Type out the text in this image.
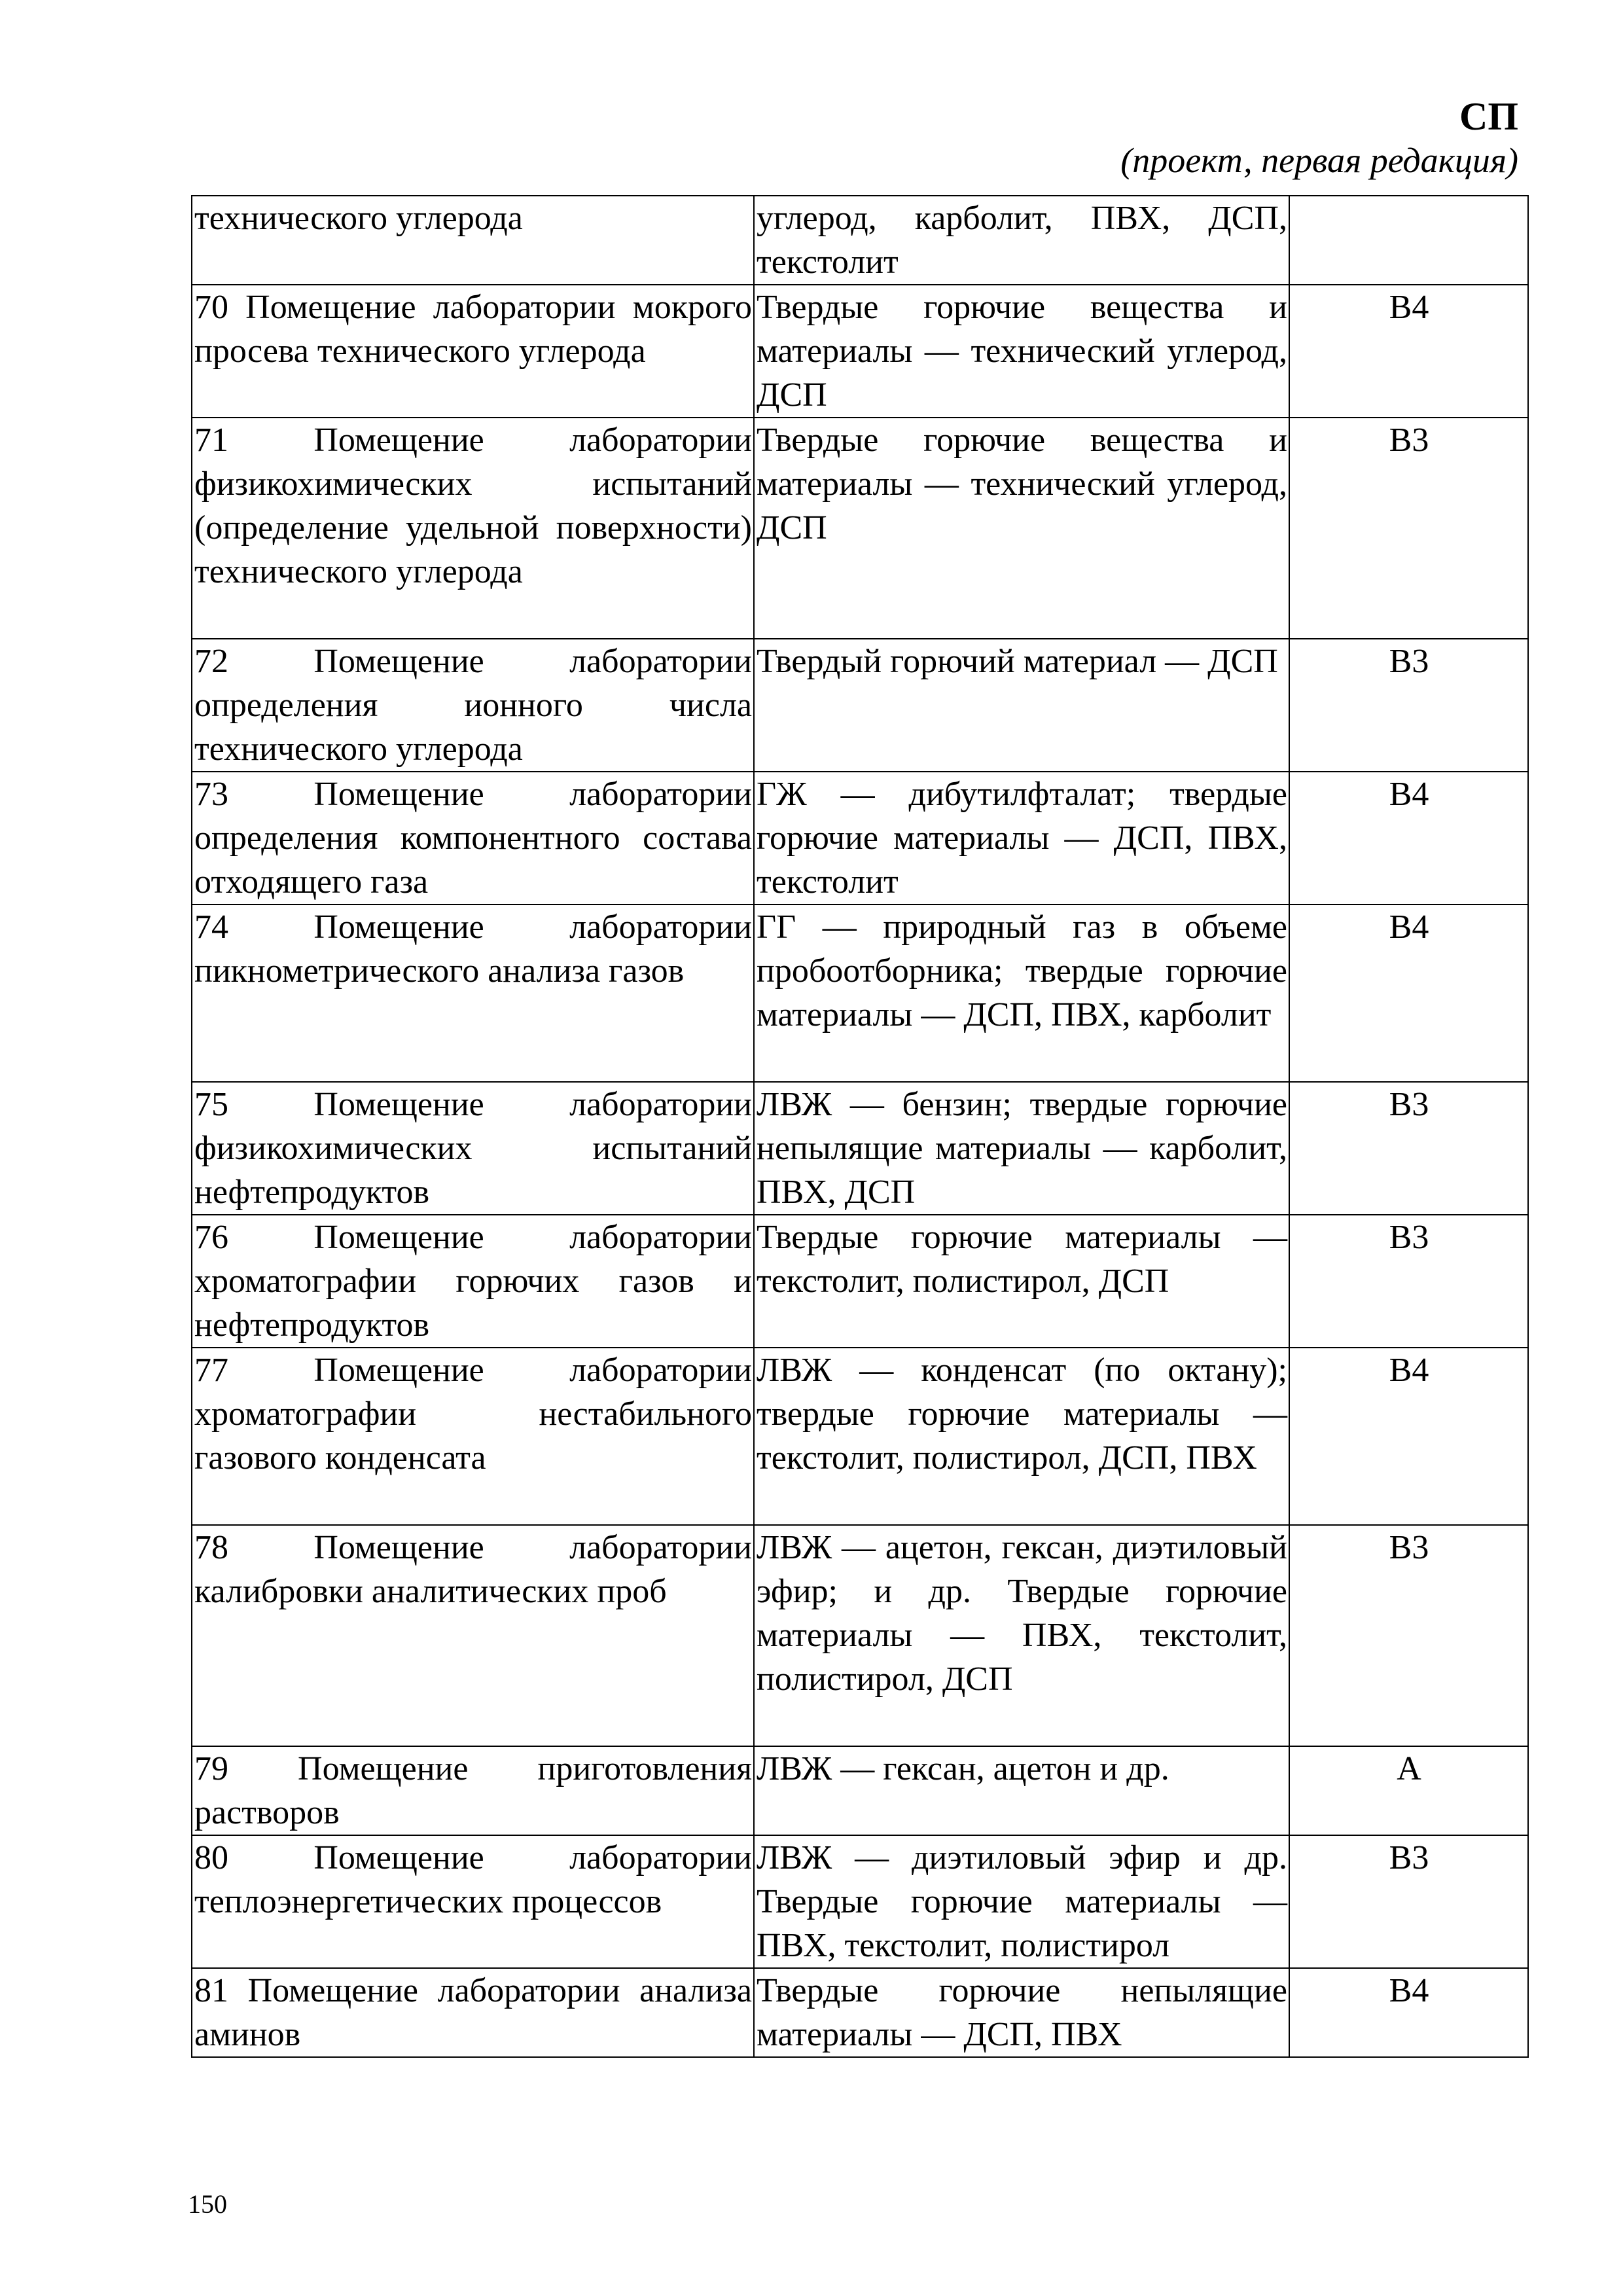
СП
(проект, первая редакция)
технического углерода	углерод, карболит, ПВХ, ДСП, текстолит	
70 Помещение лаборатории мокрого просева технического углерода	Твердые горючие вещества и материалы — технический углерод, ДСП	В4
71 Помещение лаборатории физикохимических испытаний (определение удельной поверхности) технического углерода	Твердые горючие вещества и материалы — технический углерод, ДСП	В3
72 Помещение лаборатории определения ионного числа технического углерода	Твердый горючий материал — ДСП	В3
73 Помещение лаборатории определения компонентного состава отходящего газа	ГЖ — дибутилфталат; твердые горючие материалы — ДСП, ПВХ, текстолит	В4
74 Помещение лаборатории пикнометрического анализа газов	ГГ — природный газ в объеме пробоотборника; твердые горючие материалы — ДСП, ПВХ, карболит	В4
75 Помещение лаборатории физикохимических испытаний нефтепродуктов	ЛВЖ — бензин; твердые горючие непылящие материалы — карболит, ПВХ, ДСП	В3
76 Помещение лаборатории хроматографии горючих газов и нефтепродуктов	Твердые горючие материалы — текстолит, полистирол, ДСП	В3
77 Помещение лаборатории хроматографии нестабильного газового конденсата	ЛВЖ — конденсат (по октану); твердые горючие материалы — текстолит, полистирол, ДСП, ПВХ	В4
78 Помещение лаборатории калибровки аналитических проб	ЛВЖ — ацетон, гексан, диэтиловый эфир; и др. Твердые горючие материалы — ПВХ, текстолит, полистирол, ДСП	В3
79 Помещение приготовления растворов	ЛВЖ — гексан, ацетон и др.	А
80 Помещение лаборатории теплоэнергетических процессов	ЛВЖ — диэтиловый эфир и др. Твердые горючие материалы — ПВХ, текстолит, полистирол	В3
81 Помещение лаборатории анализа аминов	Твердые горючие непылящие материалы — ДСП, ПВХ	В4
150
